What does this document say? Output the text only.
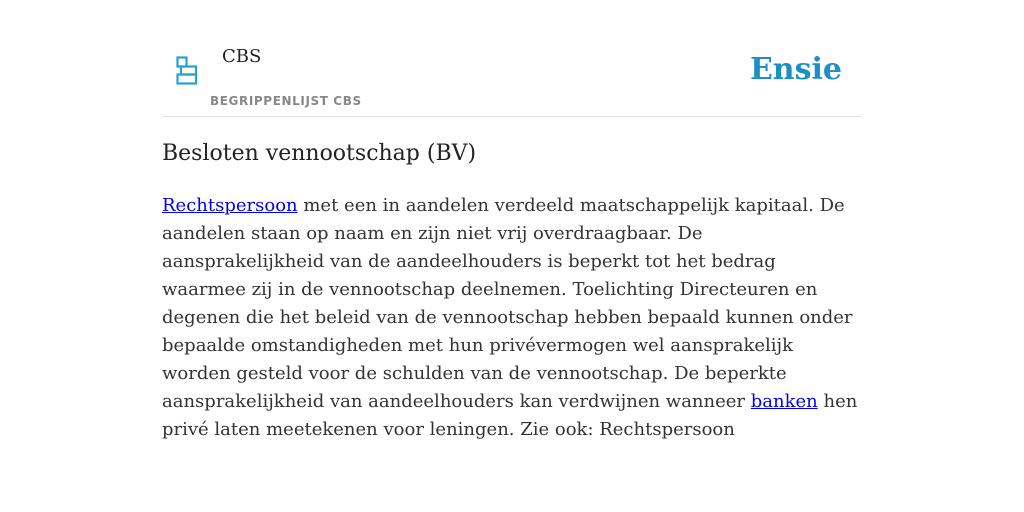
CBS
BEGRIPPENLIJST CBS
Ensie
Besloten vennootschap (BV)

Rechtspersoon met een in aandelen verdeeld maatschappelijk kapitaal. De aandelen staan op naam en zijn niet vrij overdraagbaar. De aansprakelijkheid van de aandeelhouders is beperkt tot het bedrag waarmee zij in de vennootschap deelnemen. Toelichting Directeuren en degenen die het beleid van de vennootschap hebben bepaald kunnen onder bepaalde omstandigheden met hun privévermogen wel aansprakelijk worden gesteld voor de schulden van de vennootschap. De beperkte aansprakelijkheid van aandeelhouders kan verdwijnen wanneer banken hen privé laten meetekenen voor leningen. Zie ook: Rechtspersoon
